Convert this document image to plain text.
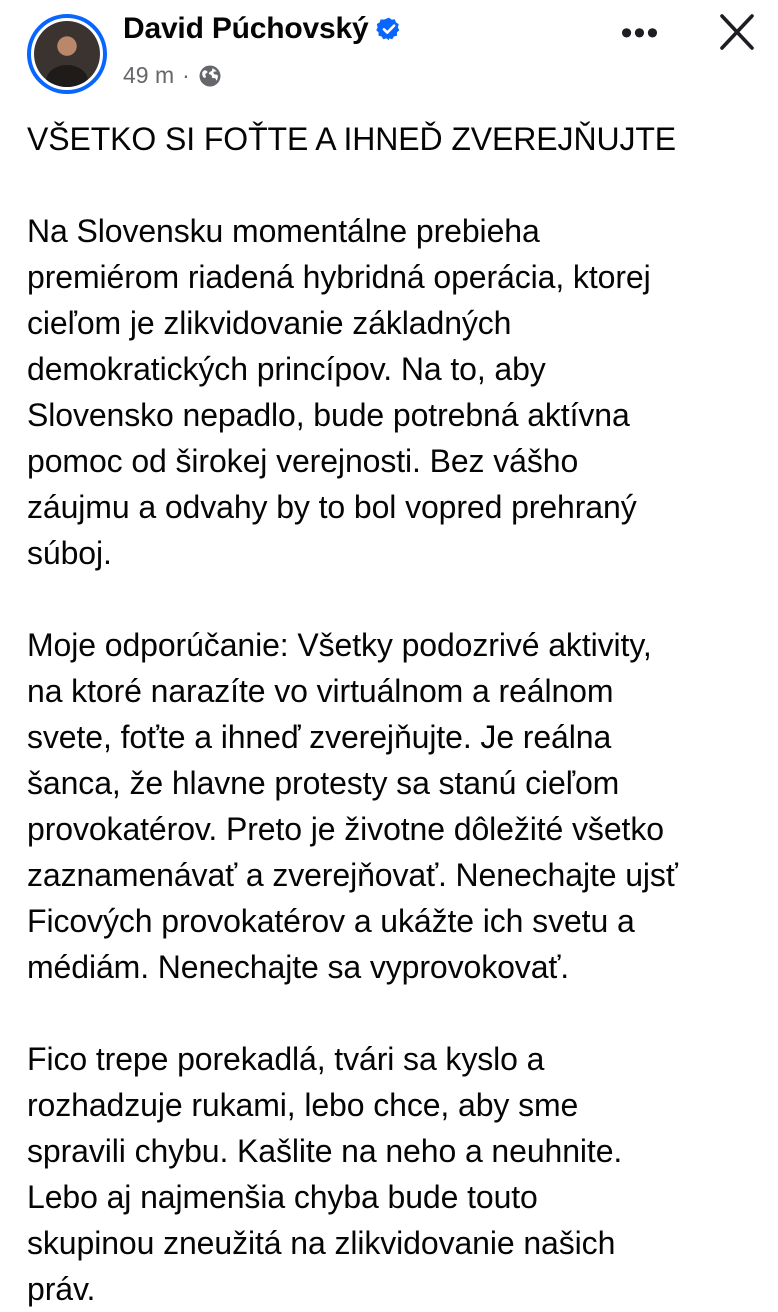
David Púchovský
49 m ·
•••

VŠETKO SI FOŤTE A IHNEĎ ZVEREJŇUJTE

Na Slovensku momentálne prebieha
premiérom riadená hybridná operácia, ktorej
cieľom je zlikvidovanie základných
demokratických princípov. Na to, aby
Slovensko nepadlo, bude potrebná aktívna
pomoc od širokej verejnosti. Bez vášho
záujmu a odvahy by to bol vopred prehraný
súboj.

Moje odporúčanie: Všetky podozrivé aktivity,
na ktoré narazíte vo virtuálnom a reálnom
svete, foťte a ihneď zverejňujte. Je reálna
šanca, že hlavne protesty sa stanú cieľom
provokatérov. Preto je životne dôležité všetko
zaznamenávať a zverejňovať. Nenechajte ujsť
Ficových provokatérov a ukážte ich svetu a
médiám. Nenechajte sa vyprovokovať.

Fico trepe porekadlá, tvári sa kyslo a
rozhadzuje rukami, lebo chce, aby sme
spravili chybu. Kašlite na neho a neuhnite.
Lebo aj najmenšia chyba bude touto
skupinou zneužitá na zlikvidovanie našich
práv.
